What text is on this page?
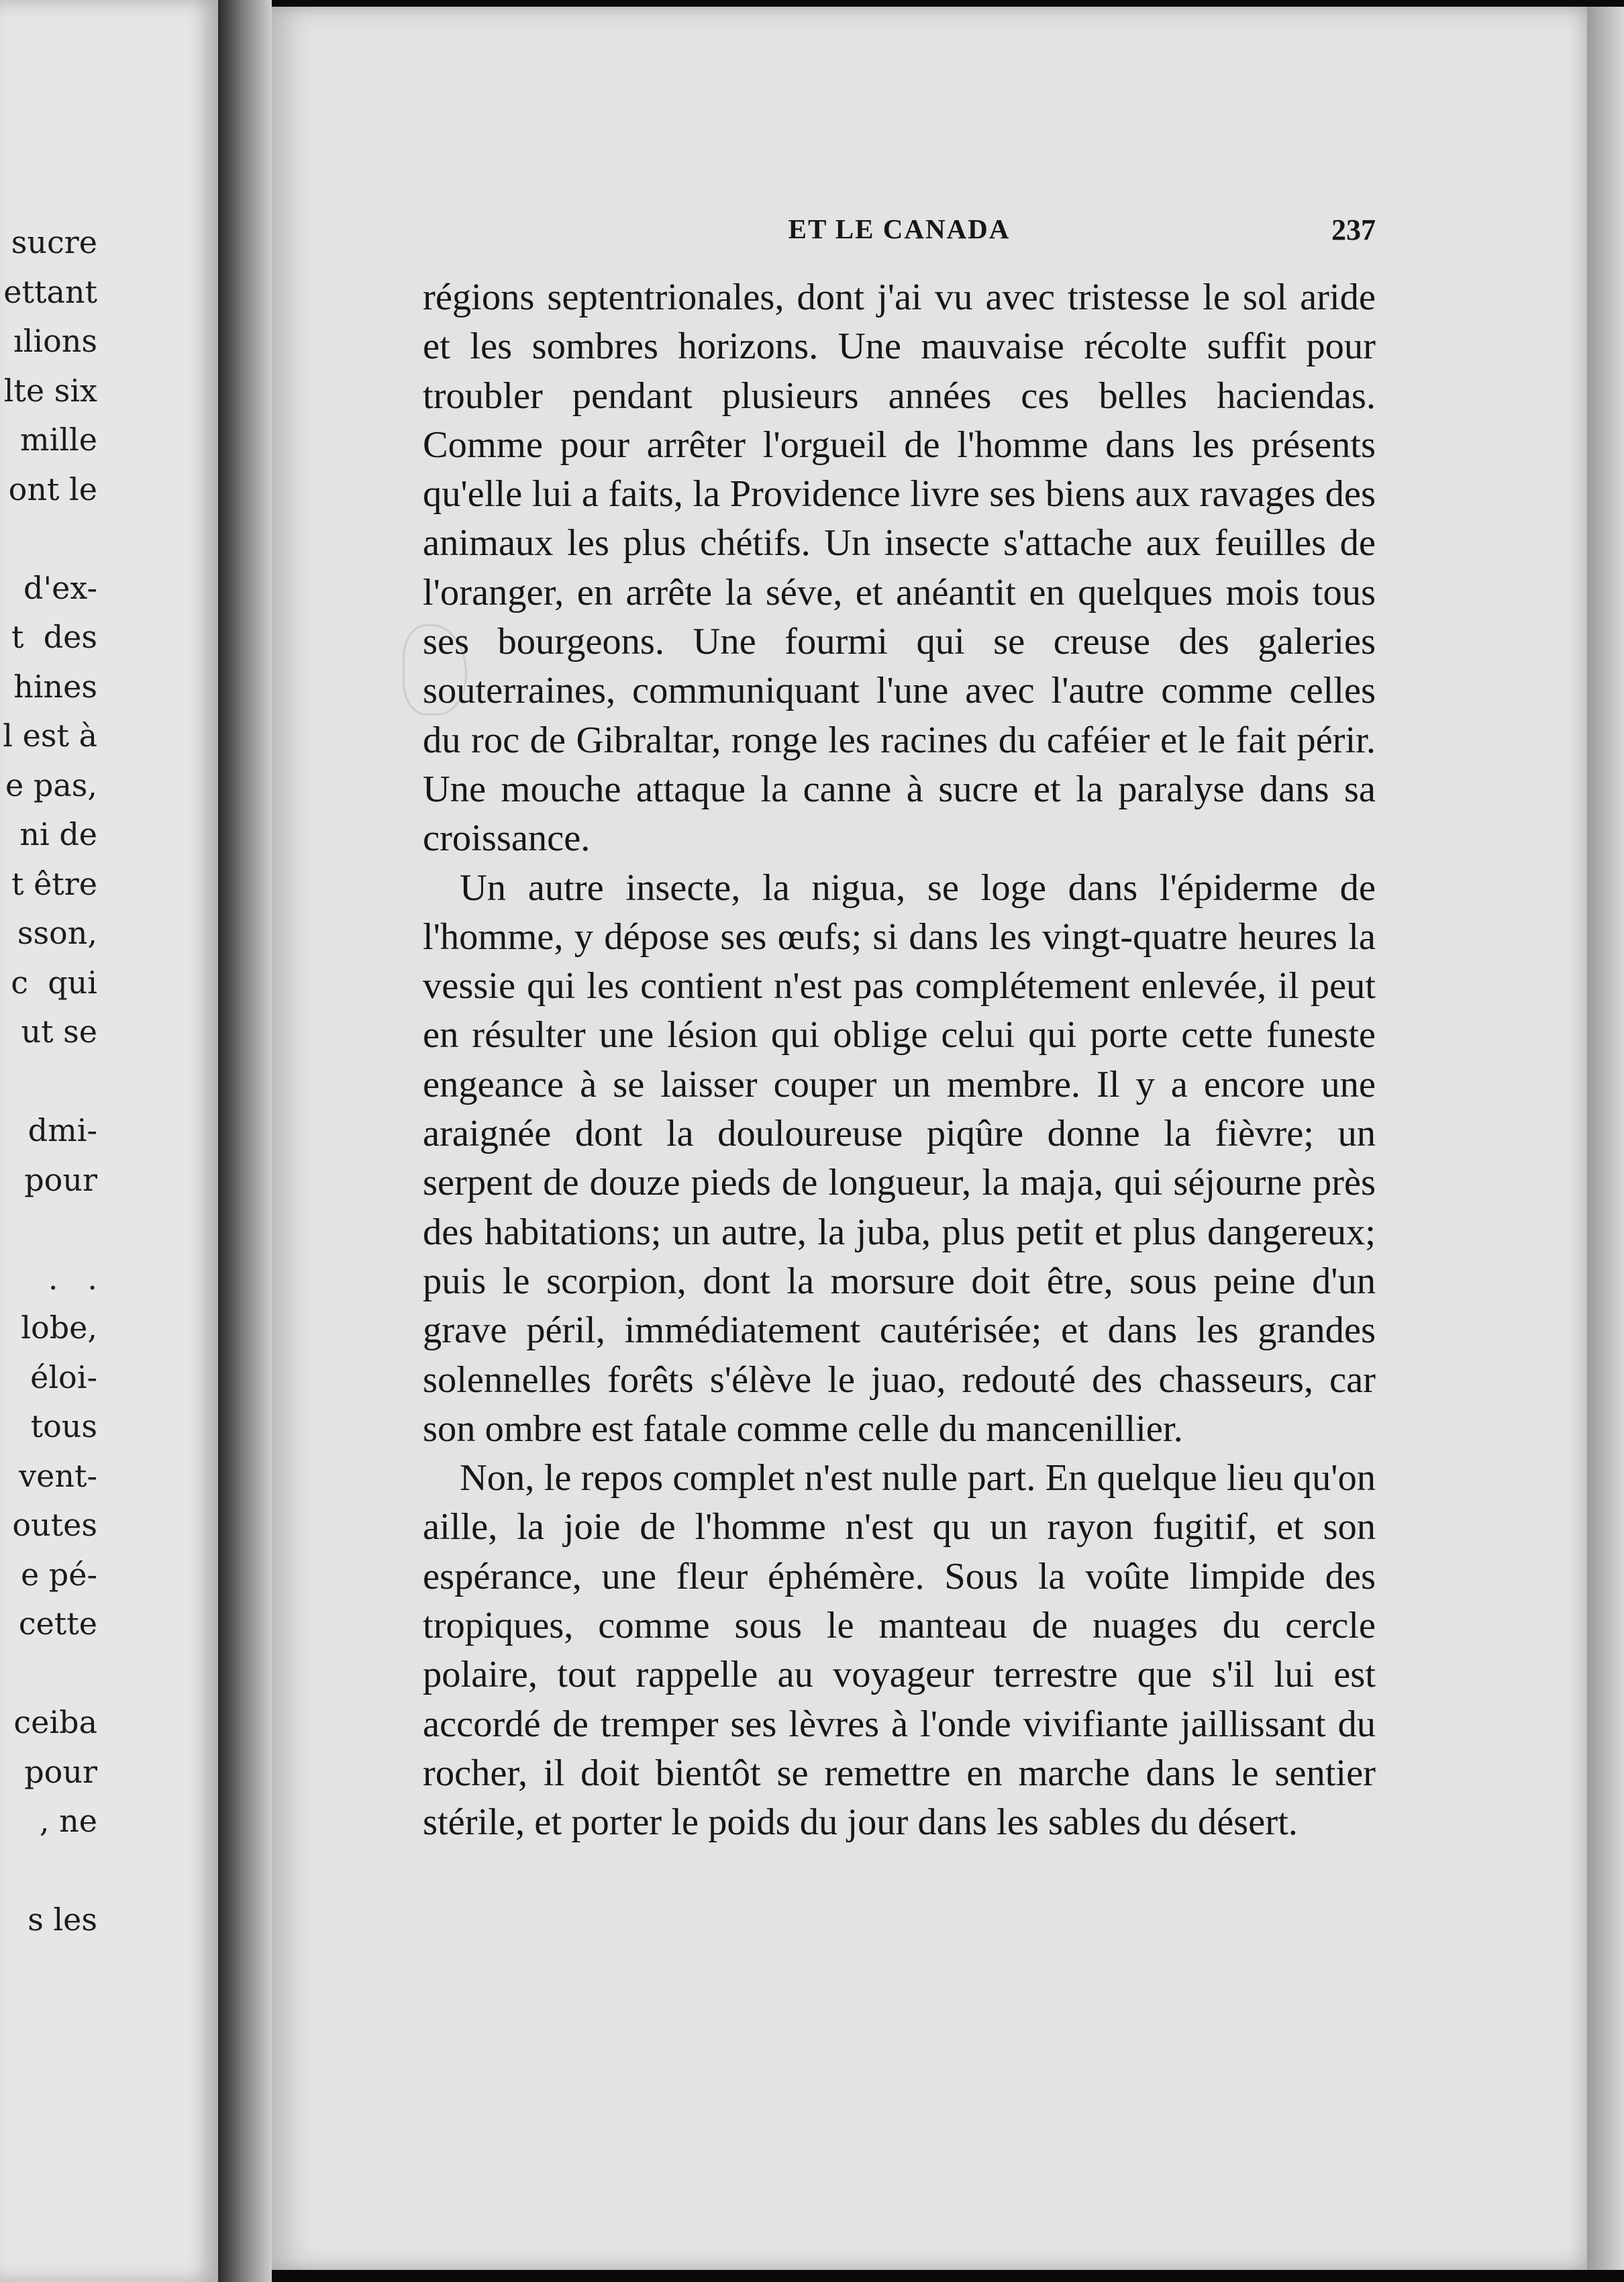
sucre
ettant
ılions
lte six
mille
ont le
d'ex-
t  des
hines
l est à
e pas,
ni de
t être
sson,
c  qui
ut se
dmi-
pour
.   .
lobe,
éloi-
tous
vent-
outes
e pé-
cette
ceiba
pour
, ne
s les
ET LE CANADA	237

régions septentrionales, dont j'ai vu avec tristesse le sol aride et les sombres horizons. Une mauvaise récolte suffit pour troubler pendant plusieurs années ces belles haciendas. Comme pour arrêter l'orgueil de l'homme dans les présents qu'elle lui a faits, la Providence livre ses biens aux ravages des animaux les plus chétifs. Un insecte s'attache aux feuilles de l'oranger, en arrête la séve, et anéantit en quelques mois tous ses bourgeons. Une fourmi qui se creuse des galeries souterraines, communiquant l'une avec l'autre comme celles du roc de Gibraltar, ronge les racines du caféier et le fait périr. Une mouche attaque la canne à sucre et la paralyse dans sa croissance.

Un autre insecte, la nigua, se loge dans l'épiderme de l'homme, y dépose ses œufs; si dans les vingt-quatre heures la vessie qui les contient n'est pas complétement enlevée, il peut en résulter une lésion qui oblige celui qui porte cette funeste engeance à se laisser couper un membre. Il y a encore une araignée dont la douloureuse piqûre donne la fièvre; un serpent de douze pieds de longueur, la maja, qui séjourne près des habitations; un autre, la juba, plus petit et plus dangereux; puis le scorpion, dont la morsure doit être, sous peine d'un grave péril, immédiatement cautérisée; et dans les grandes solennelles forêts s'élève le juao, redouté des chasseurs, car son ombre est fatale comme celle du mancenillier.

Non, le repos complet n'est nulle part. En quelque lieu qu'on aille, la joie de l'homme n'est qu un rayon fugitif, et son espérance, une fleur éphémère. Sous la voûte limpide des tropiques, comme sous le manteau de nuages du cercle polaire, tout rappelle au voyageur terrestre que s'il lui est accordé de tremper ses lèvres à l'onde vivifiante jaillissant du rocher, il doit bientôt se remettre en marche dans le sentier stérile, et porter le poids du jour dans les sables du désert.
